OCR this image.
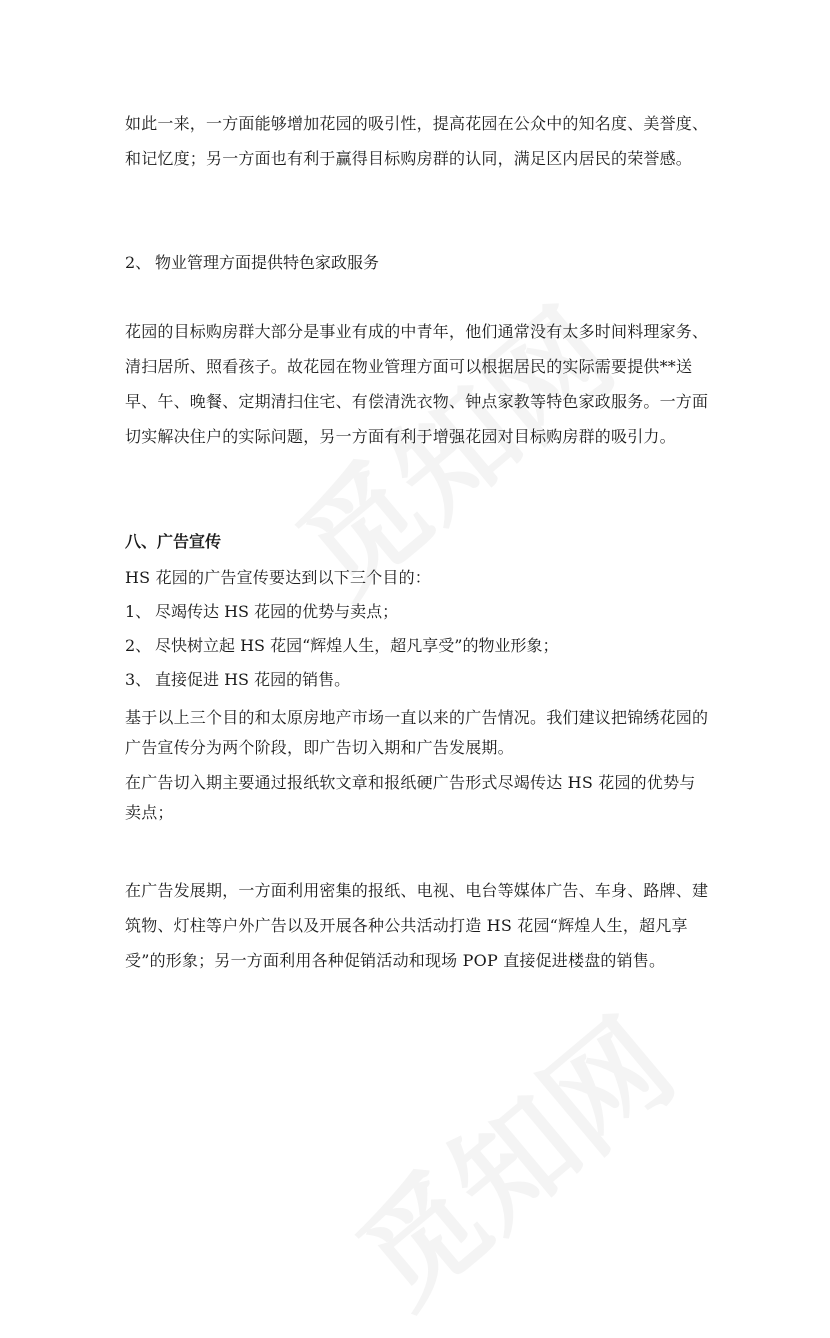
如此一来，一方面能够增加花园的吸引性，提高花园在公众中的知名度、美誉度、和记忆度；另一方面也有利于赢得目标购房群的认同，满足区内居民的荣誉感。

2、 物业管理方面提供特色家政服务

花园的目标购房群大部分是事业有成的中青年，他们通常没有太多时间料理家务、清扫居所、照看孩子。故花园在物业管理方面可以根据居民的实际需要提供**送早、午、晚餐、定期清扫住宅、有偿清洗衣物、钟点家教等特色家政服务。一方面切实解决住户的实际问题，另一方面有利于增强花园对目标购房群的吸引力。

八、广告宣传

HS 花园的广告宣传要达到以下三个目的：

1、 尽竭传达 HS 花园的优势与卖点；
2、 尽快树立起 HS 花园“辉煌人生，超凡享受”的物业形象；
3、 直接促进 HS 花园的销售。

基于以上三个目的和太原房地产市场一直以来的广告情况。我们建议把锦绣花园的广告宣传分为两个阶段，即广告切入期和广告发展期。

在广告切入期主要通过报纸软文章和报纸硬广告形式尽竭传达 HS 花园的优势与卖点；

在广告发展期，一方面利用密集的报纸、电视、电台等媒体广告、车身、路牌、建筑物、灯柱等户外广告以及开展各种公共活动打造 HS 花园“辉煌人生，超凡享受”的形象；另一方面利用各种促销活动和现场 POP 直接促进楼盘的销售。
